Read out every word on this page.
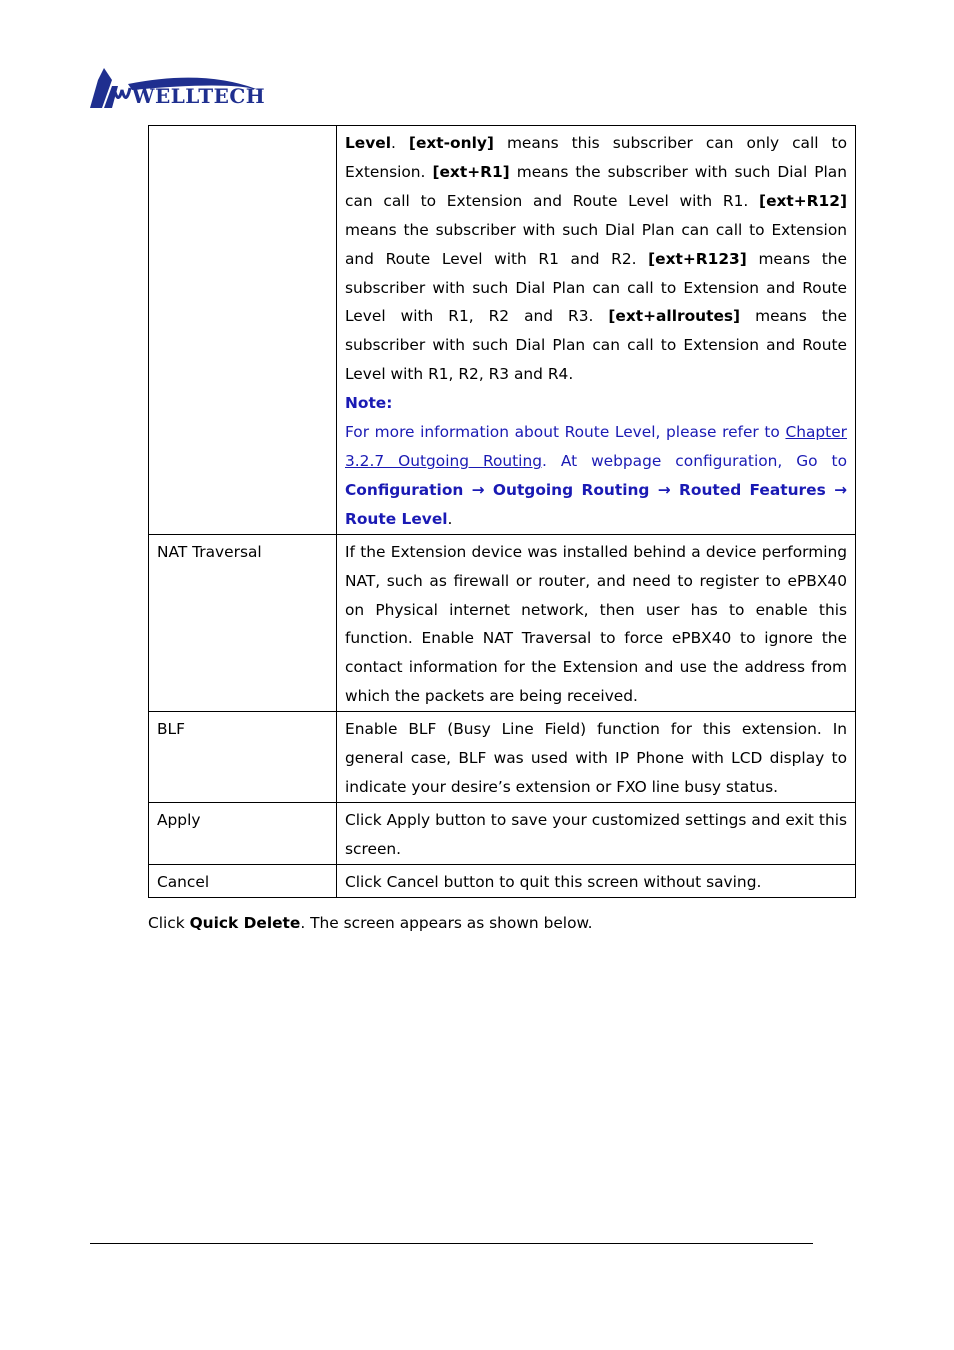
WELLTECH
	Level. [ext-only] means this subscriber can only call to Extension. [ext+R1] means the subscriber with such Dial Plan can call to Extension and Route Level with R1. [ext+R12] means the subscriber with such Dial Plan can call to Extension and Route Level with R1 and R2. [ext+R123] means the subscriber with such Dial Plan can call to Extension and Route Level with R1, R2 and R3. [ext+allroutes] means the subscriber with such Dial Plan can call to Extension and Route Level with R1, R2, R3 and R4.
Note:
For more information about Route Level, please refer to Chapter 3.2.7 Outgoing Routing. At webpage configuration, Go to Configuration → Outgoing Routing → Routed Features → Route Level.
NAT Traversal	If the Extension device was installed behind a device performing NAT, such as firewall or router, and need to register to ePBX40 on Physical internet network, then user has to enable this function. Enable NAT Traversal to force ePBX40 to ignore the contact information for the Extension and use the address from which the packets are being received.
BLF	Enable BLF (Busy Line Field) function for this extension. In general case, BLF was used with IP Phone with LCD display to indicate your desire’s extension or FXO line busy status.
Apply	Click Apply button to save your customized settings and exit this screen.
Cancel	Click Cancel button to quit this screen without saving.
Click Quick Delete. The screen appears as shown below.
